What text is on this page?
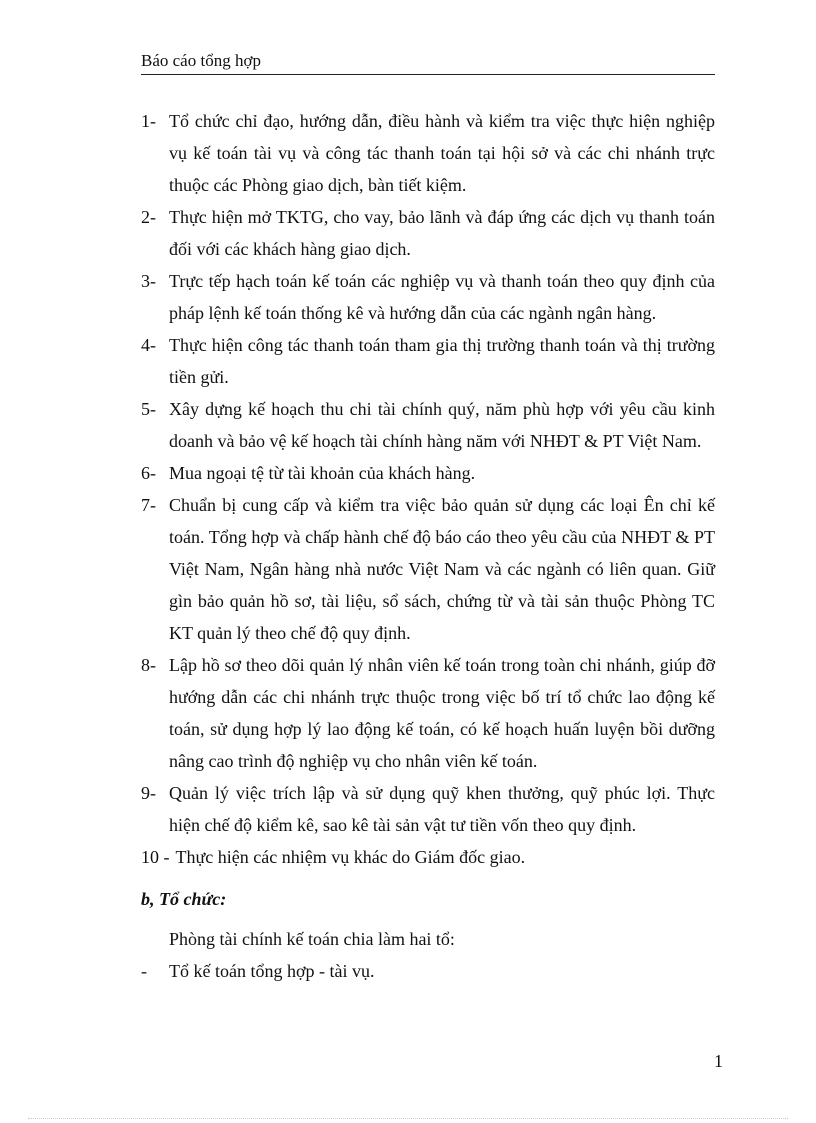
Báo cáo tổng hợp
1- Tổ chức chỉ đạo, hướng dẫn, điều hành và kiểm tra việc thực hiện nghiệp vụ kế toán tài vụ và công tác thanh toán tại hội sở và các chi nhánh trực thuộc các Phòng giao dịch, bàn tiết kiệm.
2- Thực hiện mở TKTG, cho vay, bảo lãnh và đáp ứng các dịch vụ thanh toán đối với các khách hàng giao dịch.
3- Trực tếp hạch toán kế toán các nghiệp vụ và thanh toán theo quy định của pháp lệnh kế toán thống kê và hướng dẫn của các ngành ngân hàng.
4- Thực hiện công tác thanh toán tham gia thị trường thanh toán và thị trường tiền gửi.
5- Xây dựng kế hoạch thu chi tài chính quý, năm phù hợp với yêu cầu kinh doanh và bảo vệ kế hoạch tài chính hàng năm với NHĐT & PT Việt Nam.
6- Mua ngoại tệ từ tài khoản của khách hàng.
7- Chuẩn bị cung cấp và kiểm tra việc bảo quản sử dụng các loại Ên chỉ kế toán. Tổng hợp và chấp hành chế độ báo cáo theo yêu cầu của NHĐT & PT Việt Nam, Ngân hàng nhà nước Việt Nam và các ngành có liên quan. Giữ gìn bảo quản hồ sơ, tài liệu, sổ sách, chứng từ và tài sản thuộc Phòng TC KT quản lý theo chế độ quy định.
8- Lập hồ sơ theo dõi quản lý nhân viên kế toán trong toàn chi nhánh, giúp đỡ hướng dẫn các chi nhánh trực thuộc trong việc bố trí tổ chức lao động kế toán, sử dụng hợp lý lao động kế toán, có kế hoạch huấn luyện bồi dưỡng nâng cao trình độ nghiệp vụ cho nhân viên kế toán.
9- Quản lý việc trích lập và sử dụng quỹ khen thưởng, quỹ phúc lợi. Thực hiện chế độ kiểm kê, sao kê tài sản vật tư tiền vốn theo quy định.
10 - Thực hiện các nhiệm vụ khác do Giám đốc giao.
b, Tổ chức:
Phòng tài chính kế toán chia làm hai tổ:
-	Tổ kế toán tổng hợp - tài vụ.
1
